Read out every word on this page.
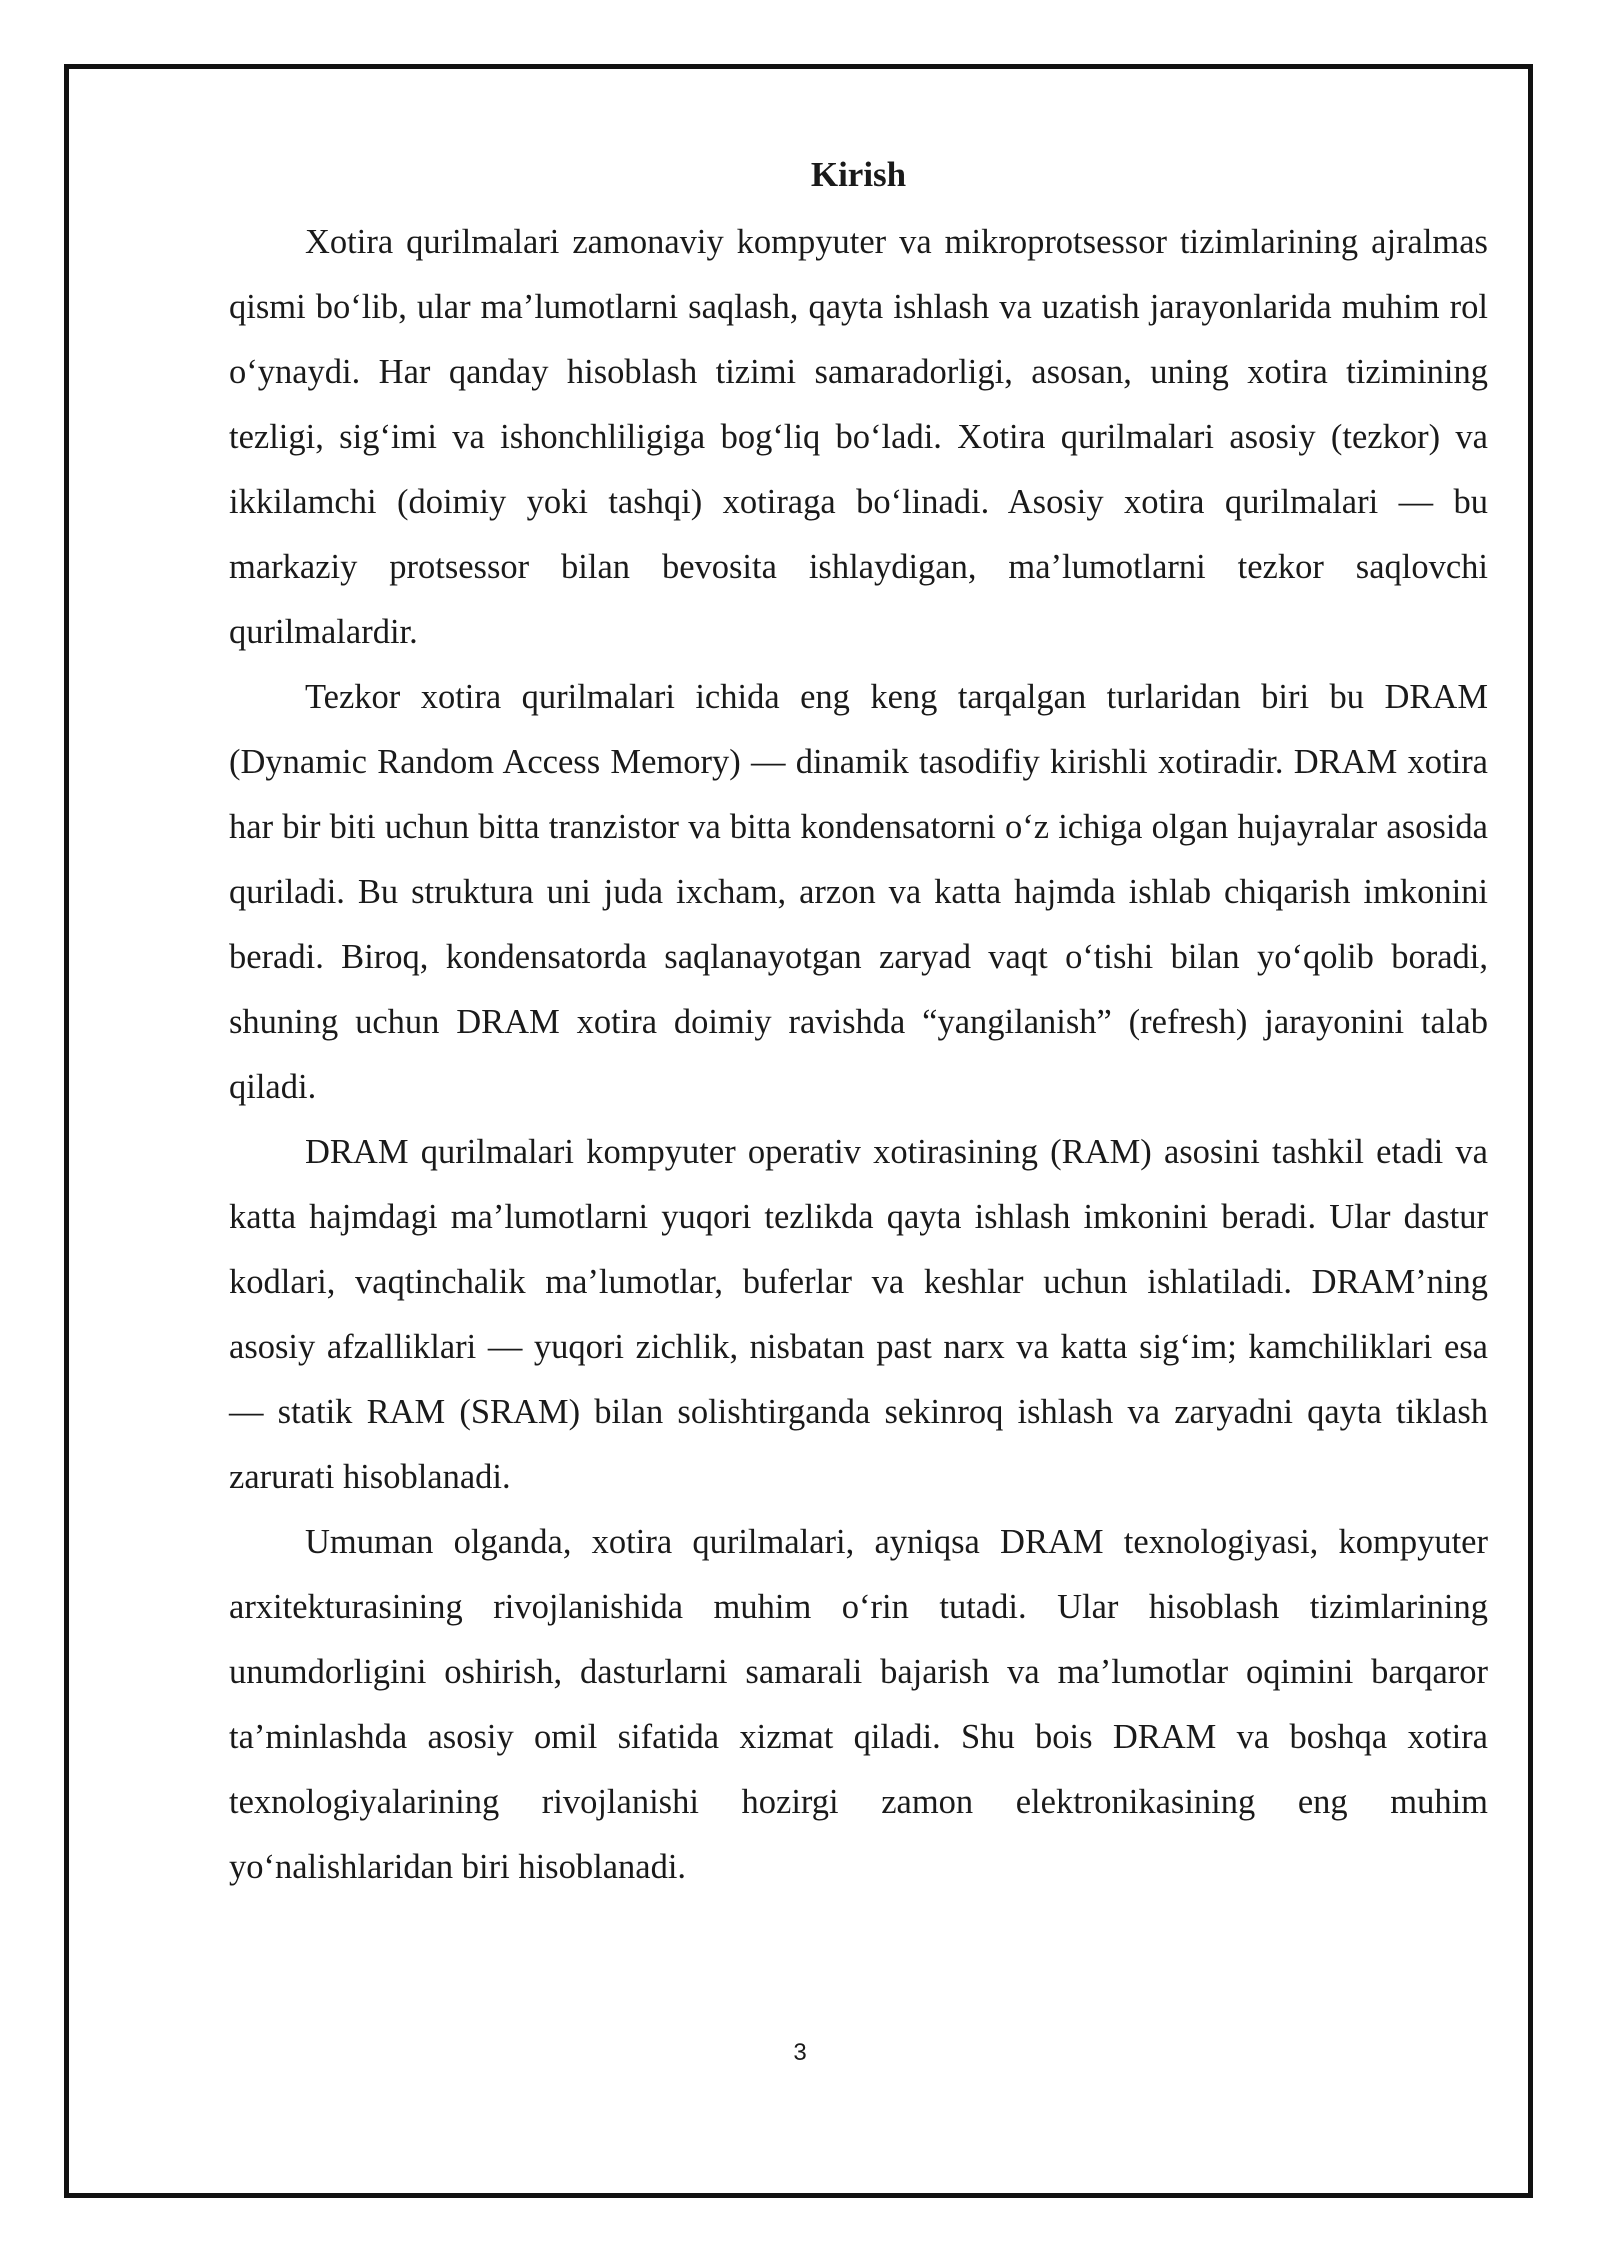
Kirish

Xotira qurilmalari zamonaviy kompyuter va mikroprotsessor tizimlarining ajralmas qismi bo‘lib, ular ma’lumotlarni saqlash, qayta ishlash va uzatish jarayonlarida muhim rol o‘ynaydi. Har qanday hisoblash tizimi samaradorligi, asosan, uning xotira tizimining tezligi, sig‘imi va ishonchliligiga bog‘liq bo‘ladi. Xotira qurilmalari asosiy (tezkor) va ikkilamchi (doimiy yoki tashqi) xotiraga bo‘linadi. Asosiy xotira qurilmalari — bu markaziy protsessor bilan bevosita ishlaydigan, ma’lumotlarni tezkor saqlovchi qurilmalardir.

Tezkor xotira qurilmalari ichida eng keng tarqalgan turlaridan biri bu DRAM (Dynamic Random Access Memory) — dinamik tasodifiy kirishli xotiradir. DRAM xotira har bir biti uchun bitta tranzistor va bitta kondensatorni o‘z ichiga olgan hujayralar asosida quriladi. Bu struktura uni juda ixcham, arzon va katta hajmda ishlab chiqarish imkonini beradi. Biroq, kondensatorda saqlanayotgan zaryad vaqt o‘tishi bilan yo‘qolib boradi, shuning uchun DRAM xotira doimiy ravishda “yangilanish” (refresh) jarayonini talab qiladi.

DRAM qurilmalari kompyuter operativ xotirasining (RAM) asosini tashkil etadi va katta hajmdagi ma’lumotlarni yuqori tezlikda qayta ishlash imkonini beradi. Ular dastur kodlari, vaqtinchalik ma’lumotlar, buferlar va keshlar uchun ishlatiladi. DRAM’ning asosiy afzalliklari — yuqori zichlik, nisbatan past narx va katta sig‘im; kamchiliklari esa — statik RAM (SRAM) bilan solishtirganda sekinroq ishlash va zaryadni qayta tiklash zarurati hisoblanadi.

Umuman olganda, xotira qurilmalari, ayniqsa DRAM texnologiyasi, kompyuter arxitekturasining rivojlanishida muhim o‘rin tutadi. Ular hisoblash tizimlarining unumdorligini oshirish, dasturlarni samarali bajarish va ma’lumotlar oqimini barqaror ta’minlashda asosiy omil sifatida xizmat qiladi. Shu bois DRAM va boshqa xotira texnologiyalarining rivojlanishi hozirgi zamon elektronikasining eng muhim yo‘nalishlaridan biri hisoblanadi.

3
